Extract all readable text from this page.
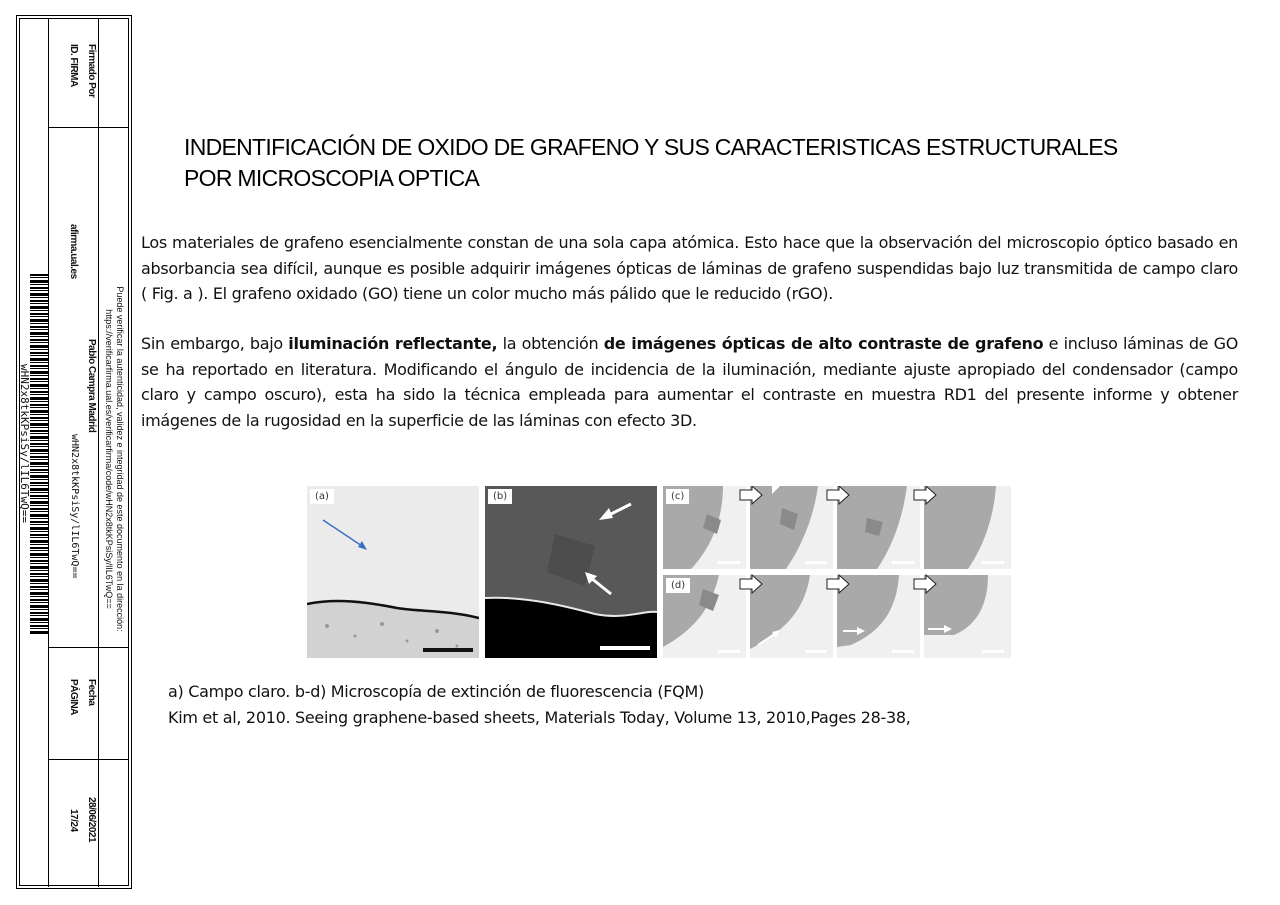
Firmado Por
Pablo Campra Madrid
Fecha
28/06/2021
ID. FIRMA
afirma.ual.es
wHN2x8tkKPsiSy/lIL6TwQ==
PÁGINA
17/24
Puede verificar la autenticidad, validez e integridad de este documento en la dirección:
https://verificarfirma.ual.es/verificarfirma/code/wHN2x8tkKPsiSy/lIL6TwQ==
wHN2x8tkKPsiSy/lIL6TwQ==
INDENTIFICACIÓN DE OXIDO DE GRAFENO Y SUS CARACTERISTICAS ESTRUCTURALES
POR MICROSCOPIA OPTICA

Los materiales de grafeno esencialmente constan de una sola capa atómica. Esto hace que la observación del microscopio óptico basado en absorbancia sea difícil, aunque es posible adquirir imágenes ópticas de láminas de grafeno suspendidas bajo luz transmitida de campo claro ( Fig. a ). El grafeno oxidado (GO) tiene un color mucho más pálido que le reducido (rGO).

Sin embargo, bajo iluminación reflectante, la obtención de imágenes ópticas de alto contraste de grafeno e incluso láminas de GO se ha reportado en literatura. Modificando el ángulo de incidencia de la iluminación, mediante ajuste apropiado del condensador (campo claro y campo oscuro), esta ha sido la técnica empleada para aumentar el contraste en muestra RD1 del presente informe y obtener imágenes de la rugosidad en la superficie de las láminas con efecto 3D.

(a)	(b)	(c)
(d)

a) Campo claro. b-d) Microscopía de extinción de fluorescencia (FQM)

Kim et al, 2010. Seeing graphene-based sheets, Materials Today, Volume 13, 2010,Pages 28-38,
